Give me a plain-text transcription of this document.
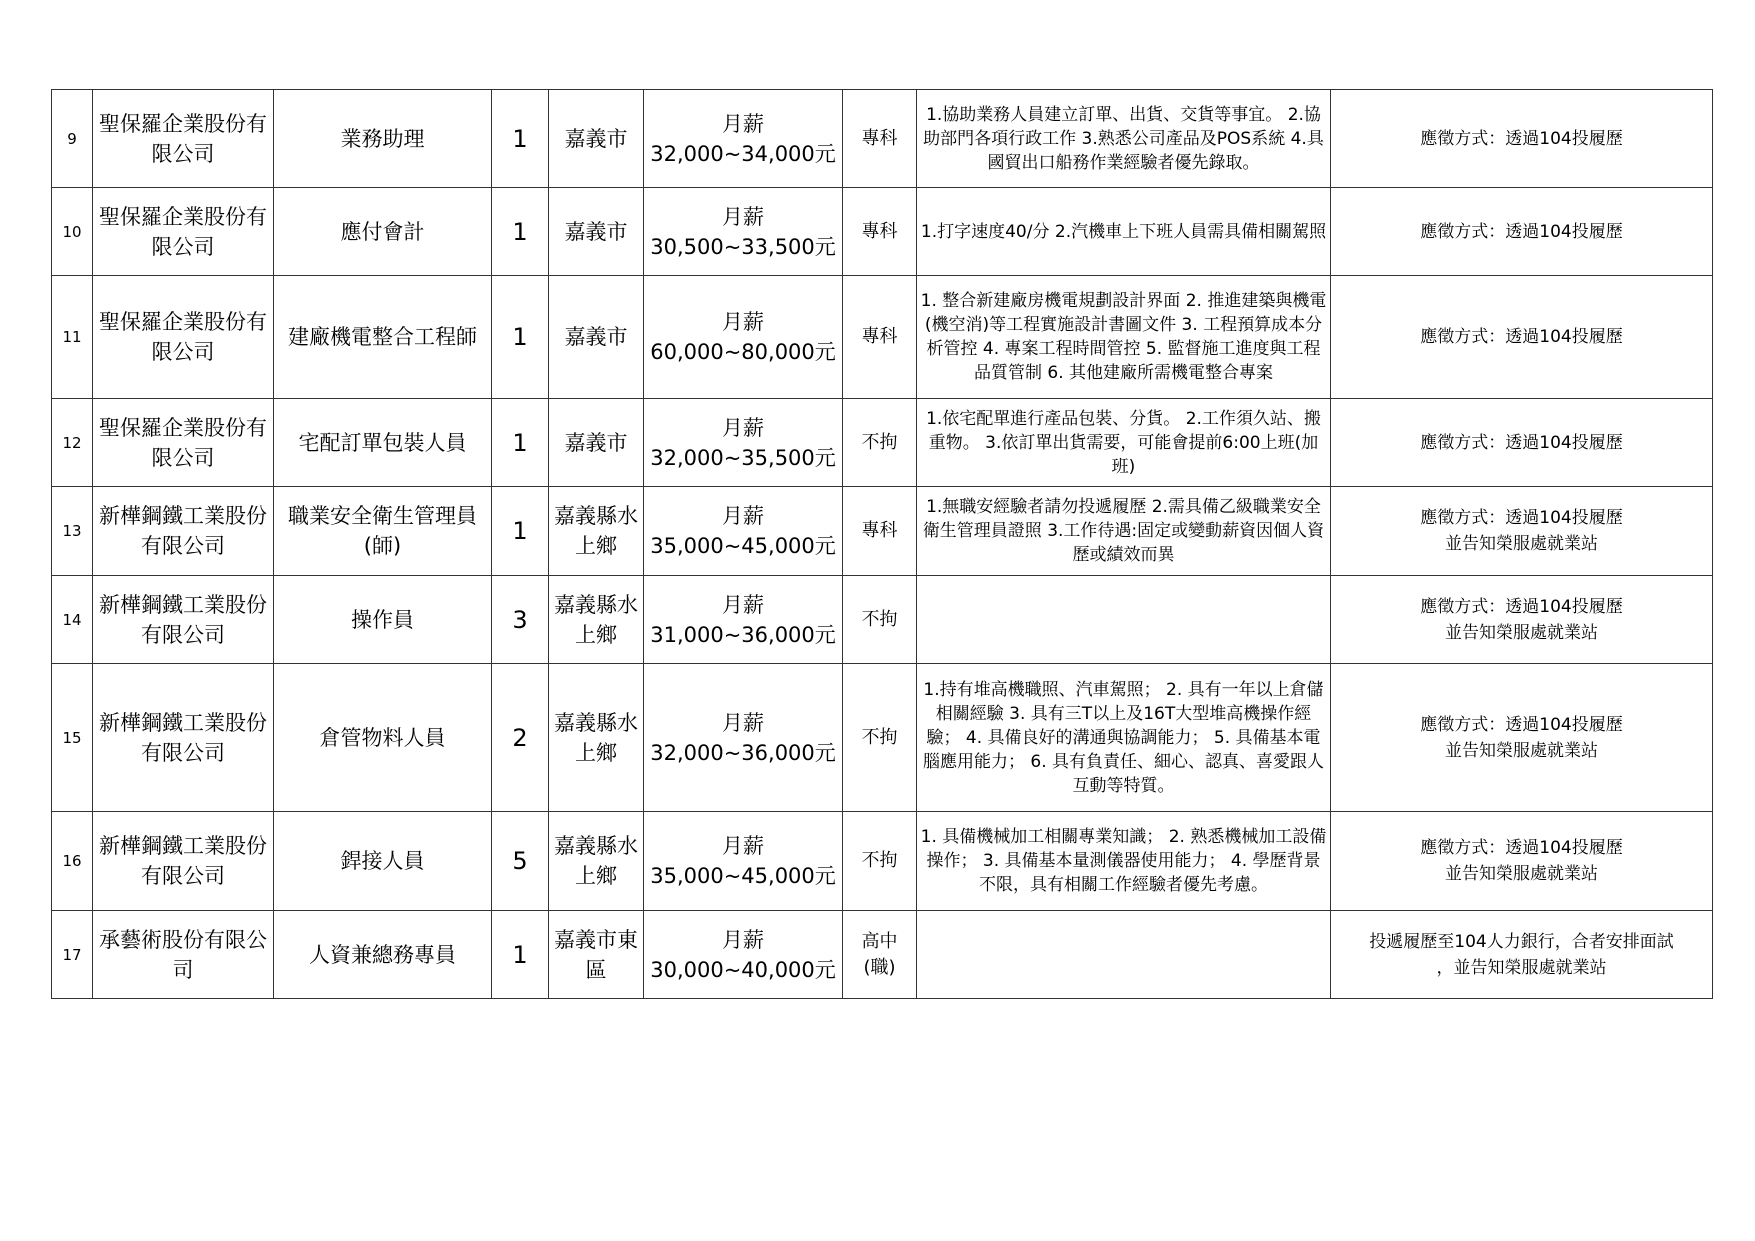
9	聖保羅企業股份有限公司	業務助理	1	嘉義市	月薪
32,000~34,000元	專科	1.協助業務人員建立訂單、出貨、交貨等事宜。 2.協助部門各項行政工作 3.熟悉公司產品及POS系統 4.具國貿出口船務作業經驗者優先錄取。	應徵方式：透過104投履歷

10	聖保羅企業股份有限公司	應付會計	1	嘉義市	月薪
30,500~33,500元	專科	1.打字速度40/分 2.汽機車上下班人員需具備相關駕照	應徵方式：透過104投履歷

11	聖保羅企業股份有限公司	建廠機電整合工程師	1	嘉義市	月薪
60,000~80,000元	專科	1. 整合新建廠房機電規劃設計界面 2. 推進建築與機電(機空消)等工程實施設計書圖文件 3. 工程預算成本分析管控 4. 專案工程時間管控 5. 監督施工進度與工程品質管制 6. 其他建廠所需機電整合專案	應徵方式：透過104投履歷

12	聖保羅企業股份有限公司	宅配訂單包裝人員	1	嘉義市	月薪
32,000~35,500元	不拘	1.依宅配單進行產品包裝、分貨。 2.工作須久站、搬重物。 3.依訂單出貨需要，可能會提前6:00上班(加班)	應徵方式：透過104投履歷

13	新樺鋼鐵工業股份有限公司	職業安全衛生管理員(師)	1	嘉義縣水上鄉	月薪
35,000~45,000元	專科	1.無職安經驗者請勿投遞履歷 2.需具備乙級職業安全衛生管理員證照 3.工作待遇:固定或變動薪資因個人資歷或績效而異	應徵方式：透過104投履歷
並告知榮服處就業站

14	新樺鋼鐵工業股份有限公司	操作員	3	嘉義縣水上鄉	月薪
31,000~36,000元	不拘		應徵方式：透過104投履歷
並告知榮服處就業站

15	新樺鋼鐵工業股份有限公司	倉管物料人員	2	嘉義縣水上鄉	月薪
32,000~36,000元	不拘	1.持有堆高機職照、汽車駕照； 2. 具有一年以上倉儲相關經驗 3. 具有三T以上及16T大型堆高機操作經驗； 4. 具備良好的溝通與協調能力； 5. 具備基本電腦應用能力； 6. 具有負責任、細心、認真、喜愛跟人互動等特質。	應徵方式：透過104投履歷
並告知榮服處就業站

16	新樺鋼鐵工業股份有限公司	銲接人員	5	嘉義縣水上鄉	月薪
35,000~45,000元	不拘	1. 具備機械加工相關專業知識； 2. 熟悉機械加工設備操作； 3. 具備基本量測儀器使用能力； 4. 學歷背景不限，具有相關工作經驗者優先考慮。	應徵方式：透過104投履歷
並告知榮服處就業站

17	承藝術股份有限公司	人資兼總務專員	1	嘉義市東區	月薪
30,000~40,000元	高中(職)		投遞履歷至104人力銀行，合者安排面試
，並告知榮服處就業站
